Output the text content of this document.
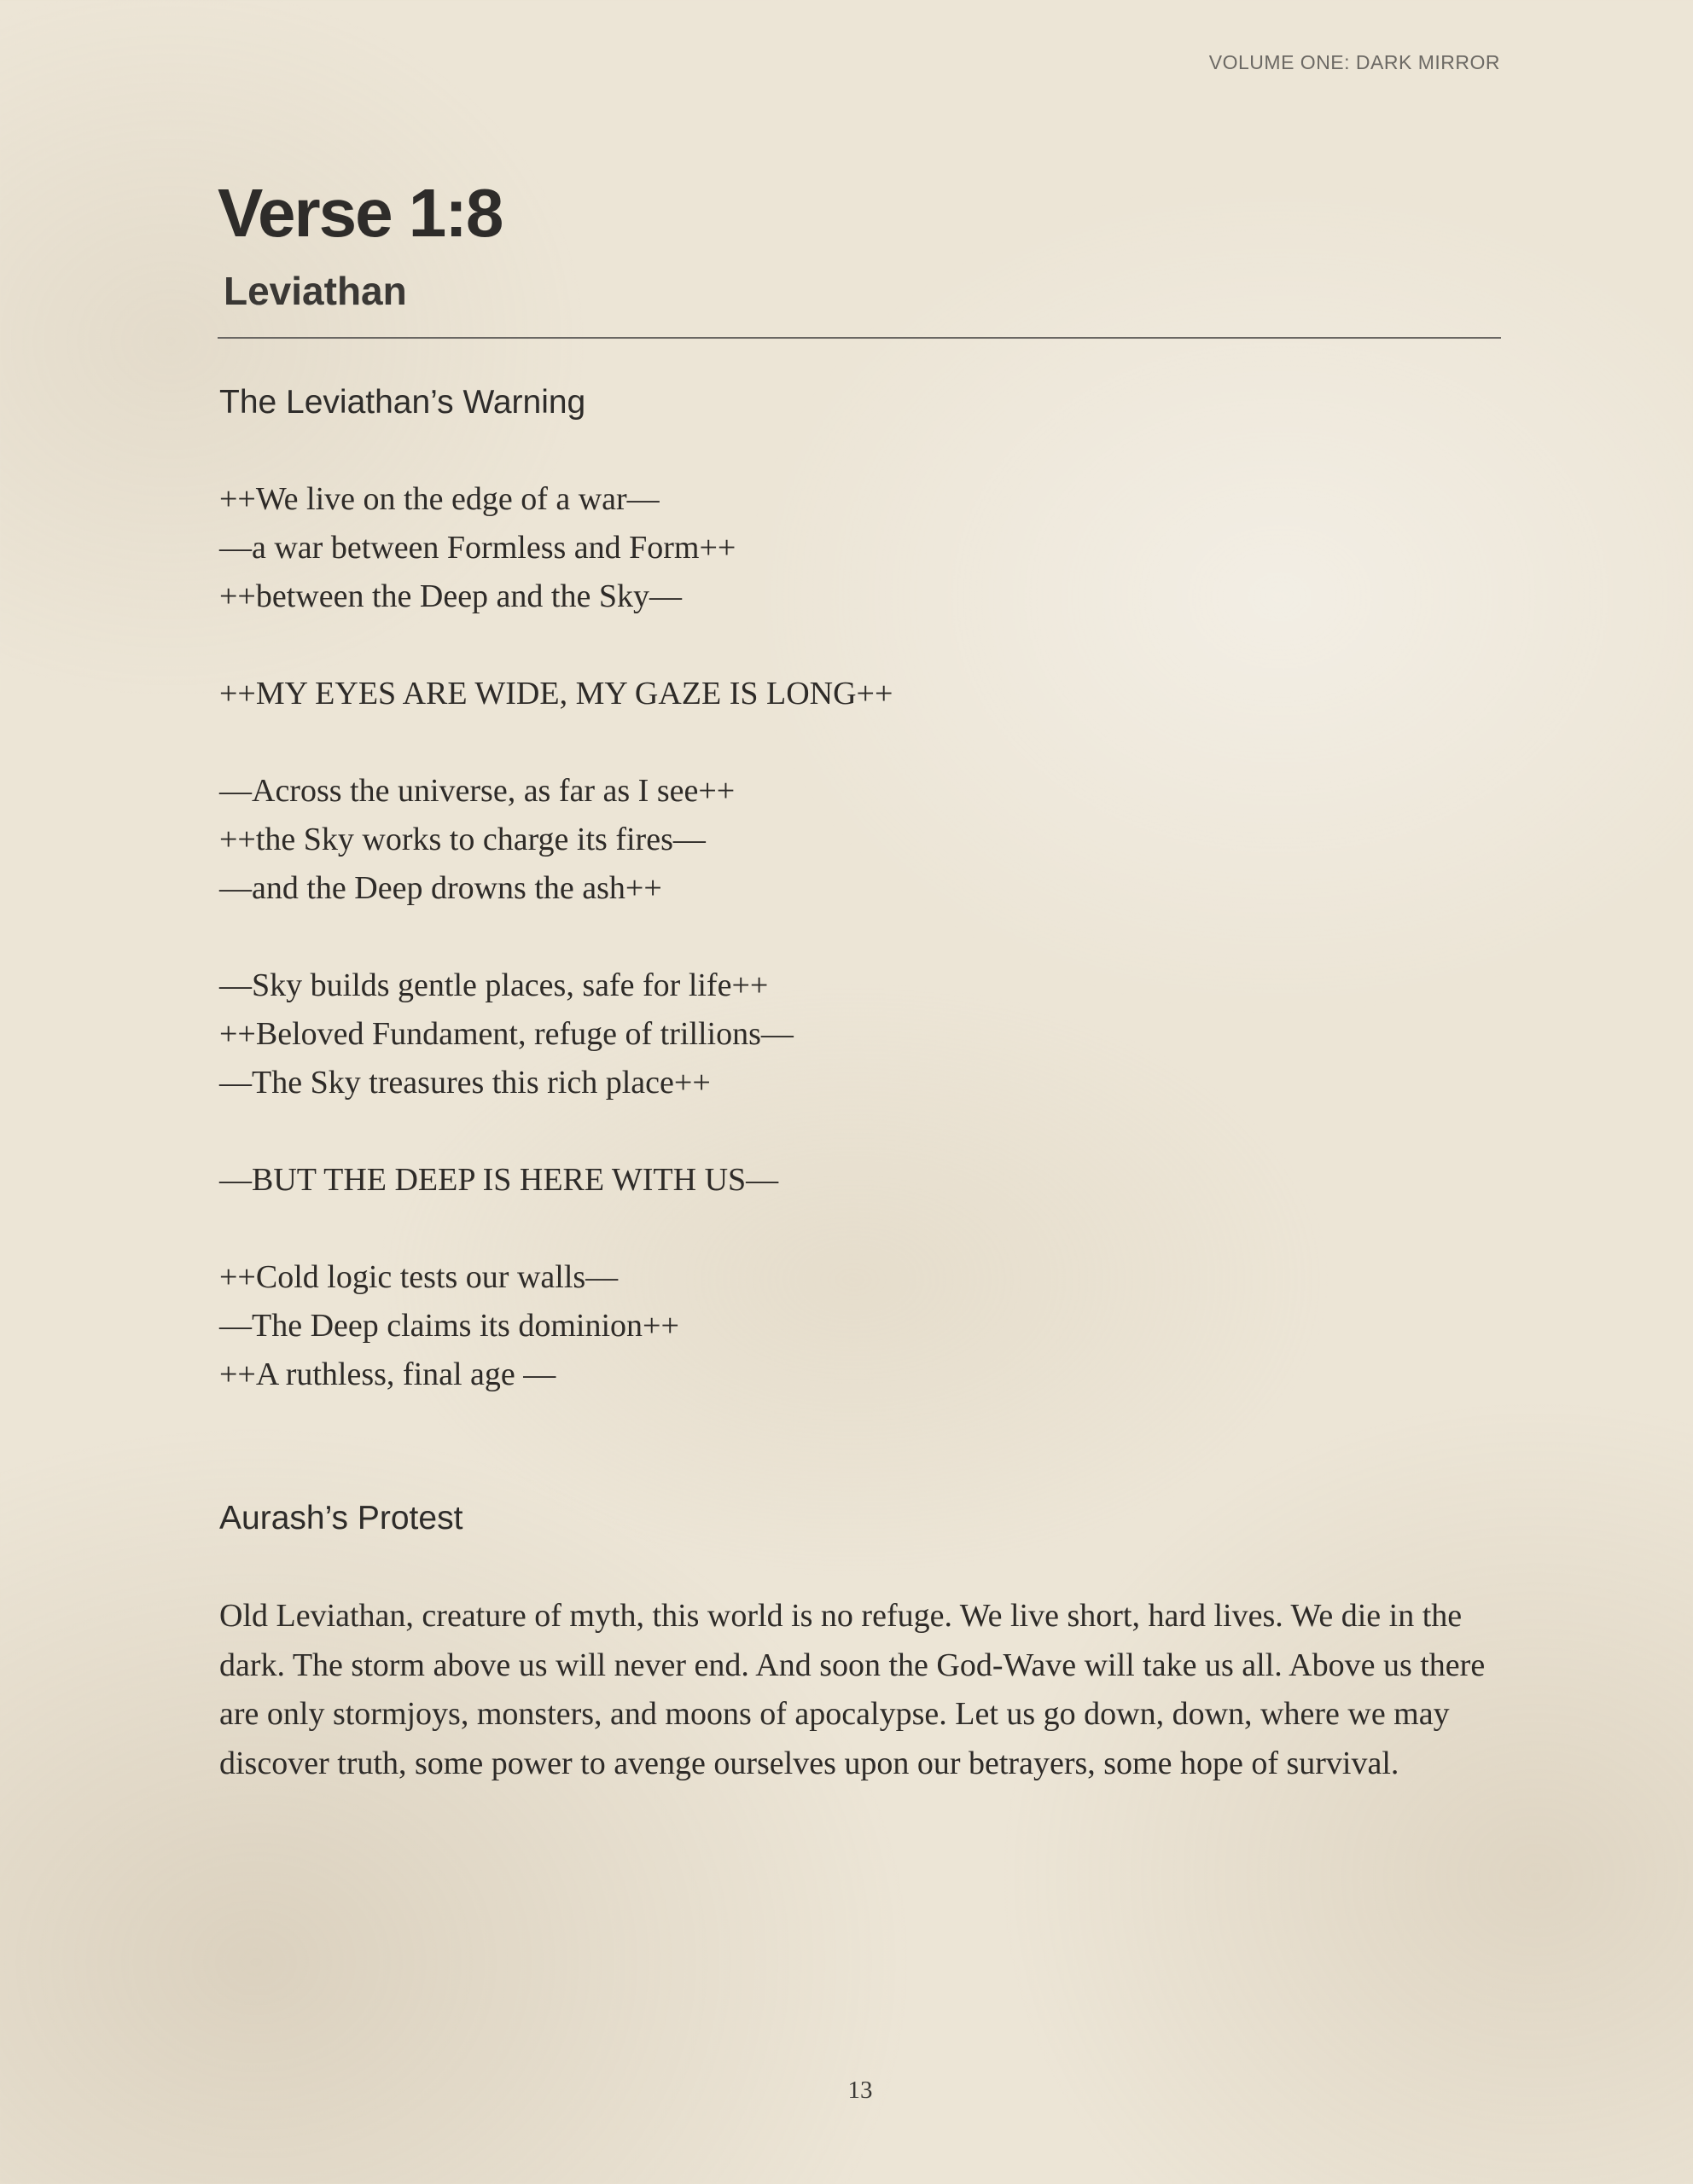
VOLUME ONE: DARK MIRROR
Verse 1:8
Leviathan
The Leviathan’s Warning
++We live on the edge of a war—
—a war between Formless and Form++
++between the Deep and the Sky—
++MY EYES ARE WIDE, MY GAZE IS LONG++
—Across the universe, as far as I see++
++the Sky works to charge its fires—
—and the Deep drowns the ash++
—Sky builds gentle places, safe for life++
++Beloved Fundament, refuge of trillions—
—The Sky treasures this rich place++
—BUT THE DEEP IS HERE WITH US—
++Cold logic tests our walls—
—The Deep claims its dominion++
++A ruthless, final age —
Aurash’s Protest

Old Leviathan, creature of myth, this world is no refuge. We live short, hard lives. We die in the dark. The storm above us will never end. And soon the God-Wave will take us all. Above us there are only stormjoys, monsters, and moons of apocalypse. Let us go down, down, where we may discover truth, some power to avenge ourselves upon our betrayers, some hope of survival.

13
